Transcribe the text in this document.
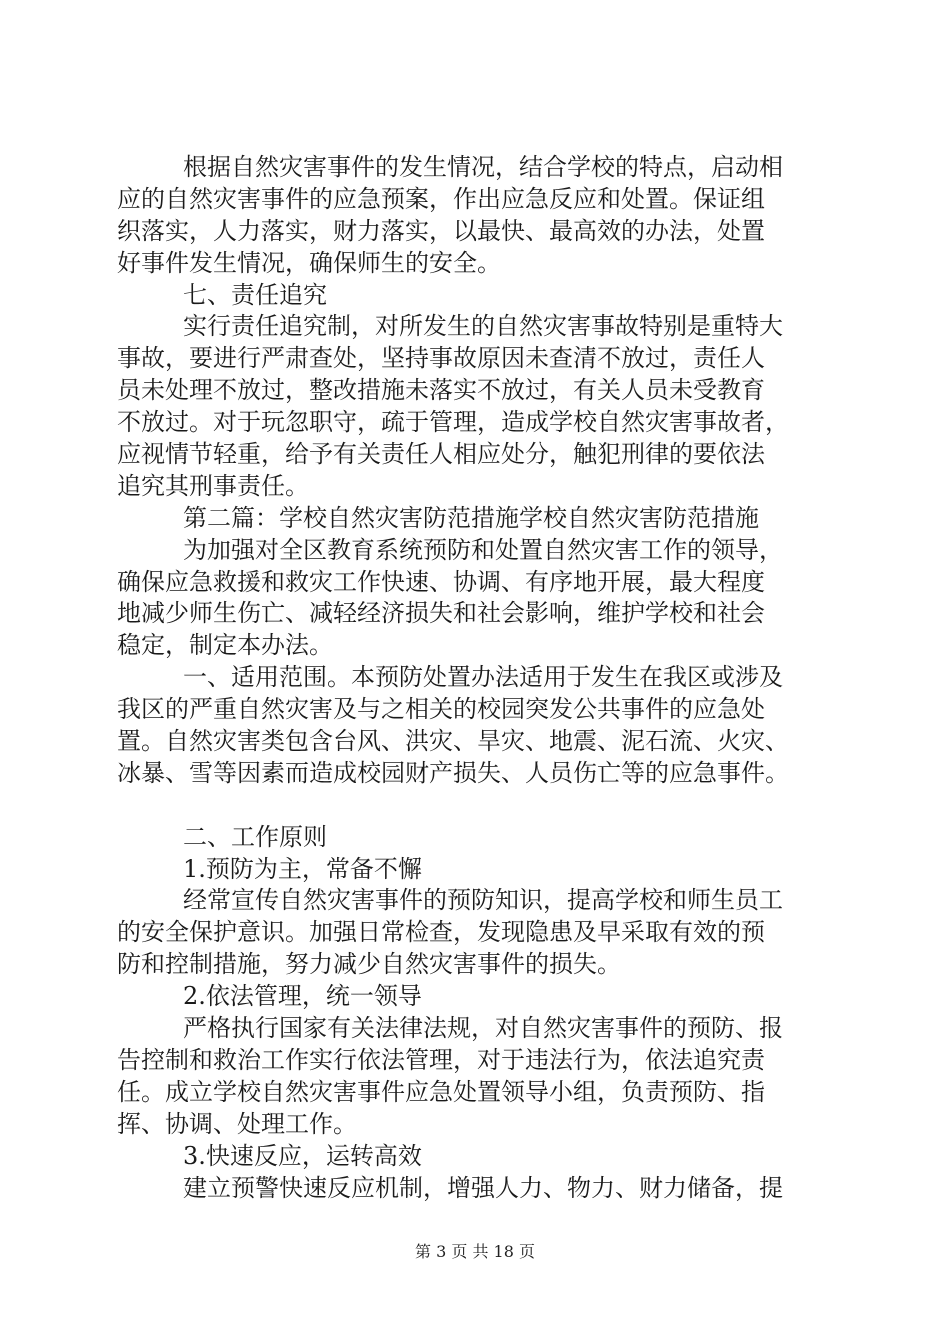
根据自然灾害事件的发生情况，结合学校的特点，启动相
应的自然灾害事件的应急预案，作出应急反应和处置。保证组
织落实，人力落实，财力落实，以最快、最高效的办法，处置
好事件发生情况，确保师生的安全。
七、责任追究
实行责任追究制，对所发生的自然灾害事故特别是重特大
事故，要进行严肃查处，坚持事故原因未查清不放过，责任人
员未处理不放过，整改措施未落实不放过，有关人员未受教育
不放过。对于玩忽职守，疏于管理，造成学校自然灾害事故者，
应视情节轻重，给予有关责任人相应处分，触犯刑律的要依法
追究其刑事责任。
第二篇：学校自然灾害防范措施学校自然灾害防范措施
为加强对全区教育系统预防和处置自然灾害工作的领导，
确保应急救援和救灾工作快速、协调、有序地开展，最大程度
地减少师生伤亡、减轻经济损失和社会影响，维护学校和社会
稳定，制定本办法。
一、适用范围。本预防处置办法适用于发生在我区或涉及
我区的严重自然灾害及与之相关的校园突发公共事件的应急处
置。自然灾害类包含台风、洪灾、旱灾、地震、泥石流、火灾、
冰暴、雪等因素而造成校园财产损失、人员伤亡等的应急事件。
二、工作原则
1.预防为主，常备不懈
经常宣传自然灾害事件的预防知识，提高学校和师生员工
的安全保护意识。加强日常检查，发现隐患及早采取有效的预
防和控制措施，努力减少自然灾害事件的损失。
2.依法管理，统一领导
严格执行国家有关法律法规，对自然灾害事件的预防、报
告控制和救治工作实行依法管理，对于违法行为，依法追究责
任。成立学校自然灾害事件应急处置领导小组，负责预防、指
挥、协调、处理工作。
3.快速反应，运转高效
建立预警快速反应机制，增强人力、物力、财力储备，提
第 3 页 共 18 页
